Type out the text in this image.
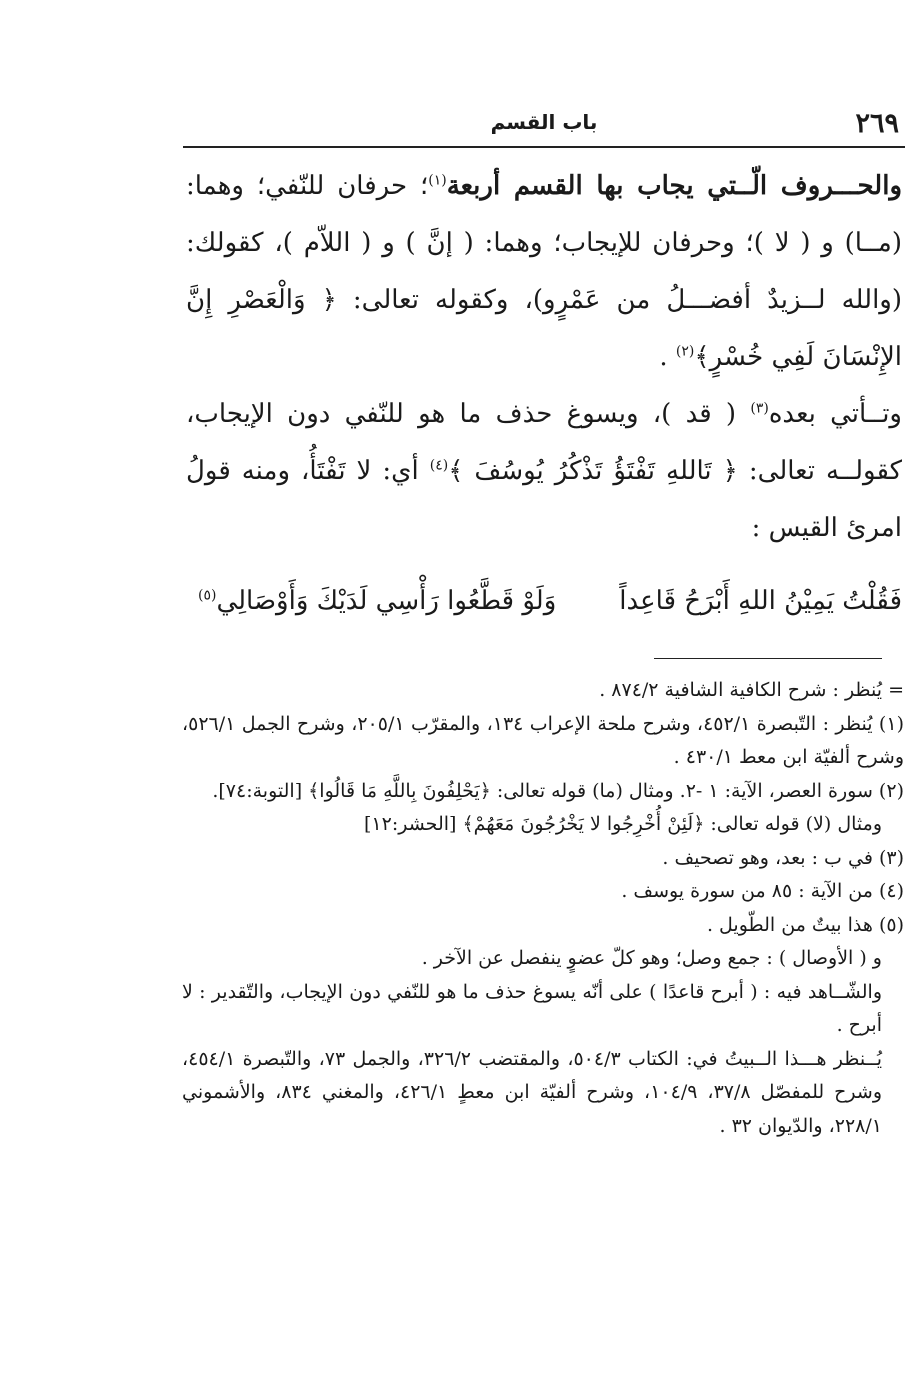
٢٦٩
باب القسم

والحـــروف الّــتي يجاب بها القسم أربعة$^{(١)}$؛ حرفان للنّفي؛ وهما: (مــا) و ( لا )؛ وحرفان للإيجاب؛ وهما: ( إنَّ ) و ( اللاّم )، كقولك: (والله لــزيدٌ أفضـــلُ من عَمْرٍو)، وكقوله تعالى: ﴿ وَالْعَصْرِ إِنَّ الإِنْسَانَ لَفِي خُسْرٍ﴾$^{(٢)}$ .

وتــأتي بعده$^{(٣)}$ ( قد )، ويسوغ حذف ما هو للنّفي دون الإيجاب، كقولــه تعالى: ﴿ تَاللهِ تَفْتَؤُ تَذْكُرُ يُوسُفَ ﴾$^{(٤)}$ أي: لا تَفْتَأُ، ومنه قولُ امرئ القيس :

فَقُلْتُ يَمِيْنُ اللهِ أَبْرَحُ قَاعِداً
وَلَوْ قَطَّعُوا رَأْسِي لَدَيْكَ وَأَوْصَالِي$^{(٥)}$

= يُنظر : شرح الكافية الشافية ٨٧٤/٢ .

(١) يُنظر : التّبصرة ٤٥٢/١، وشرح ملحة الإعراب ١٣٤، والمقرّب ٢٠٥/١، وشرح الجمل ٥٢٦/١، وشرح ألفيّة ابن معط ٤٣٠/١ .

(٢) سورة العصر، الآية: ١ -٢. ومثال (ما) قوله تعالى: ﴿يَحْلِفُونَ بِاللَّهِ مَا قَالُوا﴾ [التوبة:٧٤].

ومثال (لا) قوله تعالى: ﴿لَئِنْ أُخْرِجُوا لا يَخْرُجُونَ مَعَهُمْ﴾ [الحشر:١٢]

(٣) في ب : بعد، وهو تصحيف .

(٤) من الآية : ٨٥ من سورة يوسف .

(٥) هذا بيتٌ من الطّويل .

و ( الأوصال ) : جمع وصل؛ وهو كلّ عضوٍ ينفصل عن الآخر .

والشّــاهد فيه : ( أبرح قاعدًا ) على أنّه يسوغ حذف ما هو للنّفي دون الإيجاب، والتّقدير : لا أبرح .

يُــنظر هـــذا الــبيتُ في: الكتاب ٥٠٤/٣، والمقتضب ٣٢٦/٢، والجمل ٧٣، والتّبصرة ٤٥٤/١، وشرح للمفصّل ٣٧/٨، ١٠٤/٩، وشرح ألفيّة ابن معطٍ ٤٢٦/١، والمغني ٨٣٤، والأشموني ٢٢٨/١، والدّيوان ٣٢ .
